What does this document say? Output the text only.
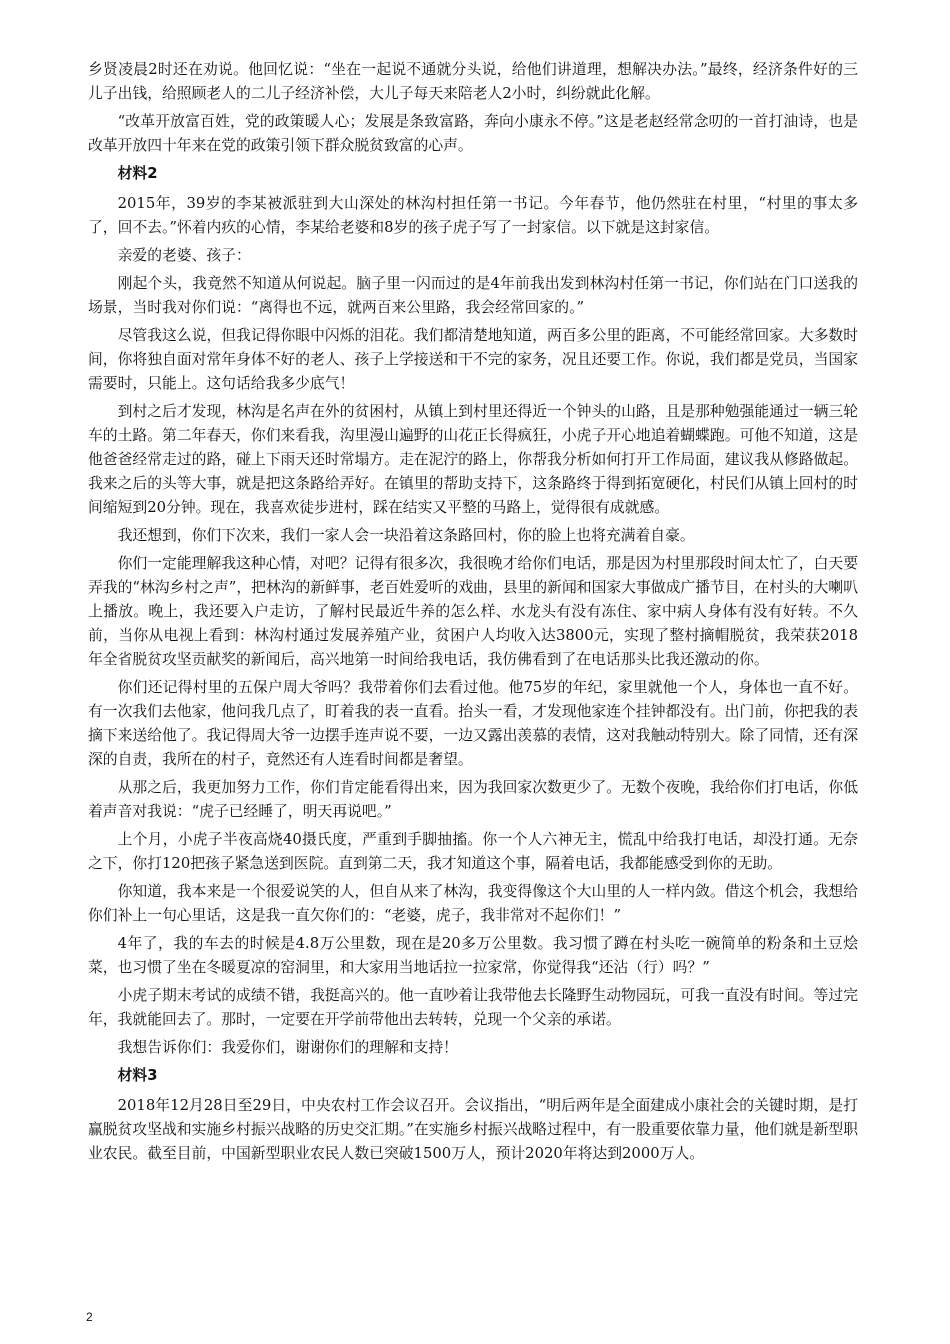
乡贤凌晨2时还在劝说。他回忆说：“坐在一起说不通就分头说，给他们讲道理，想解决办法。”最终，经济条件好的三儿子出钱，给照顾老人的二儿子经济补偿，大儿子每天来陪老人2小时，纠纷就此化解。

“改革开放富百姓，党的政策暖人心；发展是条致富路，奔向小康永不停。”这是老赵经常念叨的一首打油诗，也是改革开放四十年来在党的政策引领下群众脱贫致富的心声。

材料2

2015年，39岁的李某被派驻到大山深处的林沟村担任第一书记。今年春节，他仍然驻在村里，“村里的事太多了，回不去。”怀着内疚的心情，李某给老婆和8岁的孩子虎子写了一封家信。以下就是这封家信。

亲爱的老婆、孩子：

刚起个头，我竟然不知道从何说起。脑子里一闪而过的是4年前我出发到林沟村任第一书记，你们站在门口送我的场景，当时我对你们说：“离得也不远，就两百来公里路，我会经常回家的。”

尽管我这么说，但我记得你眼中闪烁的泪花。我们都清楚地知道，两百多公里的距离，不可能经常回家。大多数时间，你将独自面对常年身体不好的老人、孩子上学接送和干不完的家务，况且还要工作。你说，我们都是党员，当国家需要时，只能上。这句话给我多少底气！

到村之后才发现，林沟是名声在外的贫困村，从镇上到村里还得近一个钟头的山路，且是那种勉强能通过一辆三轮车的土路。第二年春天，你们来看我，沟里漫山遍野的山花正长得疯狂，小虎子开心地追着蝴蝶跑。可他不知道，这是他爸爸经常走过的路，碰上下雨天还时常塌方。走在泥泞的路上，你帮我分析如何打开工作局面，建议我从修路做起。我来之后的头等大事，就是把这条路给弄好。在镇里的帮助支持下，这条路终于得到拓宽硬化，村民们从镇上回村的时间缩短到20分钟。现在，我喜欢徒步进村，踩在结实又平整的马路上，觉得很有成就感。

我还想到，你们下次来，我们一家人会一块沿着这条路回村，你的脸上也将充满着自豪。

你们一定能理解我这种心情，对吧？记得有很多次，我很晚才给你们电话，那是因为村里那段时间太忙了，白天要弄我的“林沟乡村之声”，把林沟的新鲜事，老百姓爱听的戏曲，县里的新闻和国家大事做成广播节目，在村头的大喇叭上播放。晚上，我还要入户走访，了解村民最近牛养的怎么样、水龙头有没有冻住、家中病人身体有没有好转。不久前，当你从电视上看到：林沟村通过发展养殖产业，贫困户人均收入达3800元，实现了整村摘帽脱贫，我荣获2018年全省脱贫攻坚贡献奖的新闻后，高兴地第一时间给我电话，我仿佛看到了在电话那头比我还激动的你。

你们还记得村里的五保户周大爷吗？我带着你们去看过他。他75岁的年纪，家里就他一个人，身体也一直不好。有一次我们去他家，他问我几点了，盯着我的表一直看。抬头一看，才发现他家连个挂钟都没有。出门前，你把我的表摘下来送给他了。我记得周大爷一边摆手连声说不要，一边又露出羡慕的表情，这对我触动特别大。除了同情，还有深深的自责，我所在的村子，竟然还有人连看时间都是奢望。

从那之后，我更加努力工作，你们肯定能看得出来，因为我回家次数更少了。无数个夜晚，我给你们打电话，你低着声音对我说：“虎子已经睡了，明天再说吧。”

上个月，小虎子半夜高烧40摄氏度，严重到手脚抽搐。你一个人六神无主，慌乱中给我打电话，却没打通。无奈之下，你打120把孩子紧急送到医院。直到第二天，我才知道这个事，隔着电话，我都能感受到你的无助。

你知道，我本来是一个很爱说笑的人，但自从来了林沟，我变得像这个大山里的人一样内敛。借这个机会，我想给你们补上一句心里话，这是我一直欠你们的：“老婆，虎子，我非常对不起你们！”

4年了，我的车去的时候是4.8万公里数，现在是20多万公里数。我习惯了蹲在村头吃一碗简单的粉条和土豆烩菜，也习惯了坐在冬暖夏凉的窑洞里，和大家用当地话拉一拉家常，你觉得我“还沾（行）吗？”

小虎子期末考试的成绩不错，我挺高兴的。他一直吵着让我带他去长隆野生动物园玩，可我一直没有时间。等过完年，我就能回去了。那时，一定要在开学前带他出去转转，兑现一个父亲的承诺。

我想告诉你们：我爱你们，谢谢你们的理解和支持！

材料3

2018年12月28日至29日，中央农村工作会议召开。会议指出，“明后两年是全面建成小康社会的关键时期，是打赢脱贫攻坚战和实施乡村振兴战略的历史交汇期。”在实施乡村振兴战略过程中，有一股重要依靠力量，他们就是新型职业农民。截至目前，中国新型职业农民人数已突破1500万人，预计2020年将达到2000万人。

2
